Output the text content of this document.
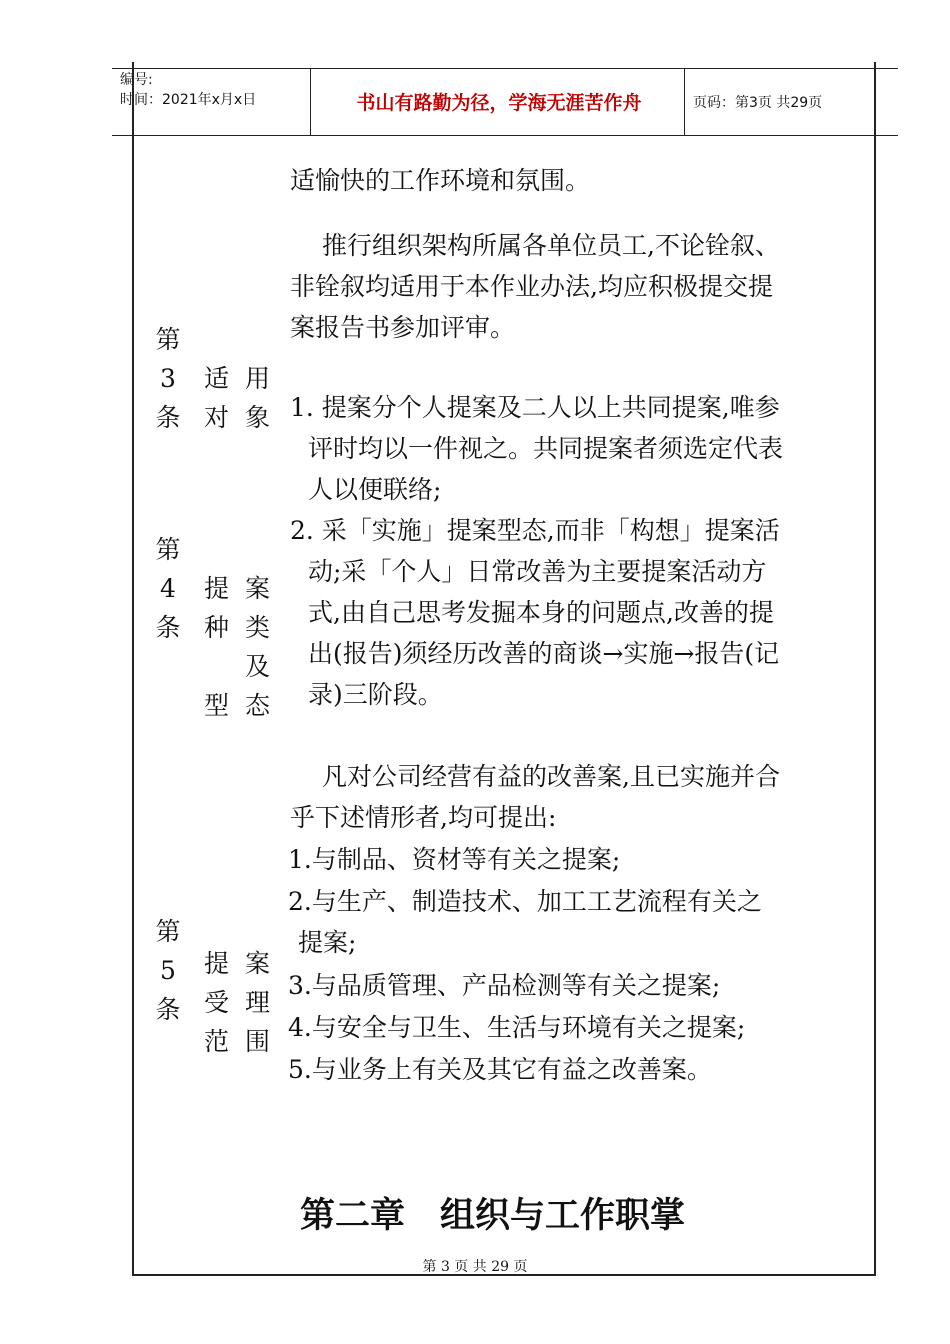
编号:
时间：2021年x月x日	书山有路勤为径，学海无涯苦作舟	页码：第3页 共29页
适愉快的工作环境和氛围。
推行组织架构所属各单位员工,不论铨叙、
非铨叙均适用于本作业办法,均应积极提交提
案报告书参加评审。
第
3
条
适 用
对 象 1. 提案分个人提案及二人以上共同提案,唯参
评时均以一件视之。共同提案者须选定代表
人以便联络;
2. 采「实施」提案型态,而非「构想」提案活
动;采「个人」日常改善为主要提案活动方
式,由自己思考发掘本身的问题点,改善的提
出(报告)须经历改善的商谈→实施→报告(记
录)三阶段。
第
4
条
提 案
种 类
及
型 态
凡对公司经营有益的改善案,且已实施并合
乎下述情形者,均可提出:
1.与制品、资材等有关之提案;
2.与生产、制造技术、加工工艺流程有关之
提案;
3.与品质管理、产品检测等有关之提案;
4.与安全与卫生、生活与环境有关之提案;
5.与业务上有关及其它有益之改善案。
第
5
条
提 案
受 理
范 围
第二章　组织与工作职掌
第 3 页 共 29 页
